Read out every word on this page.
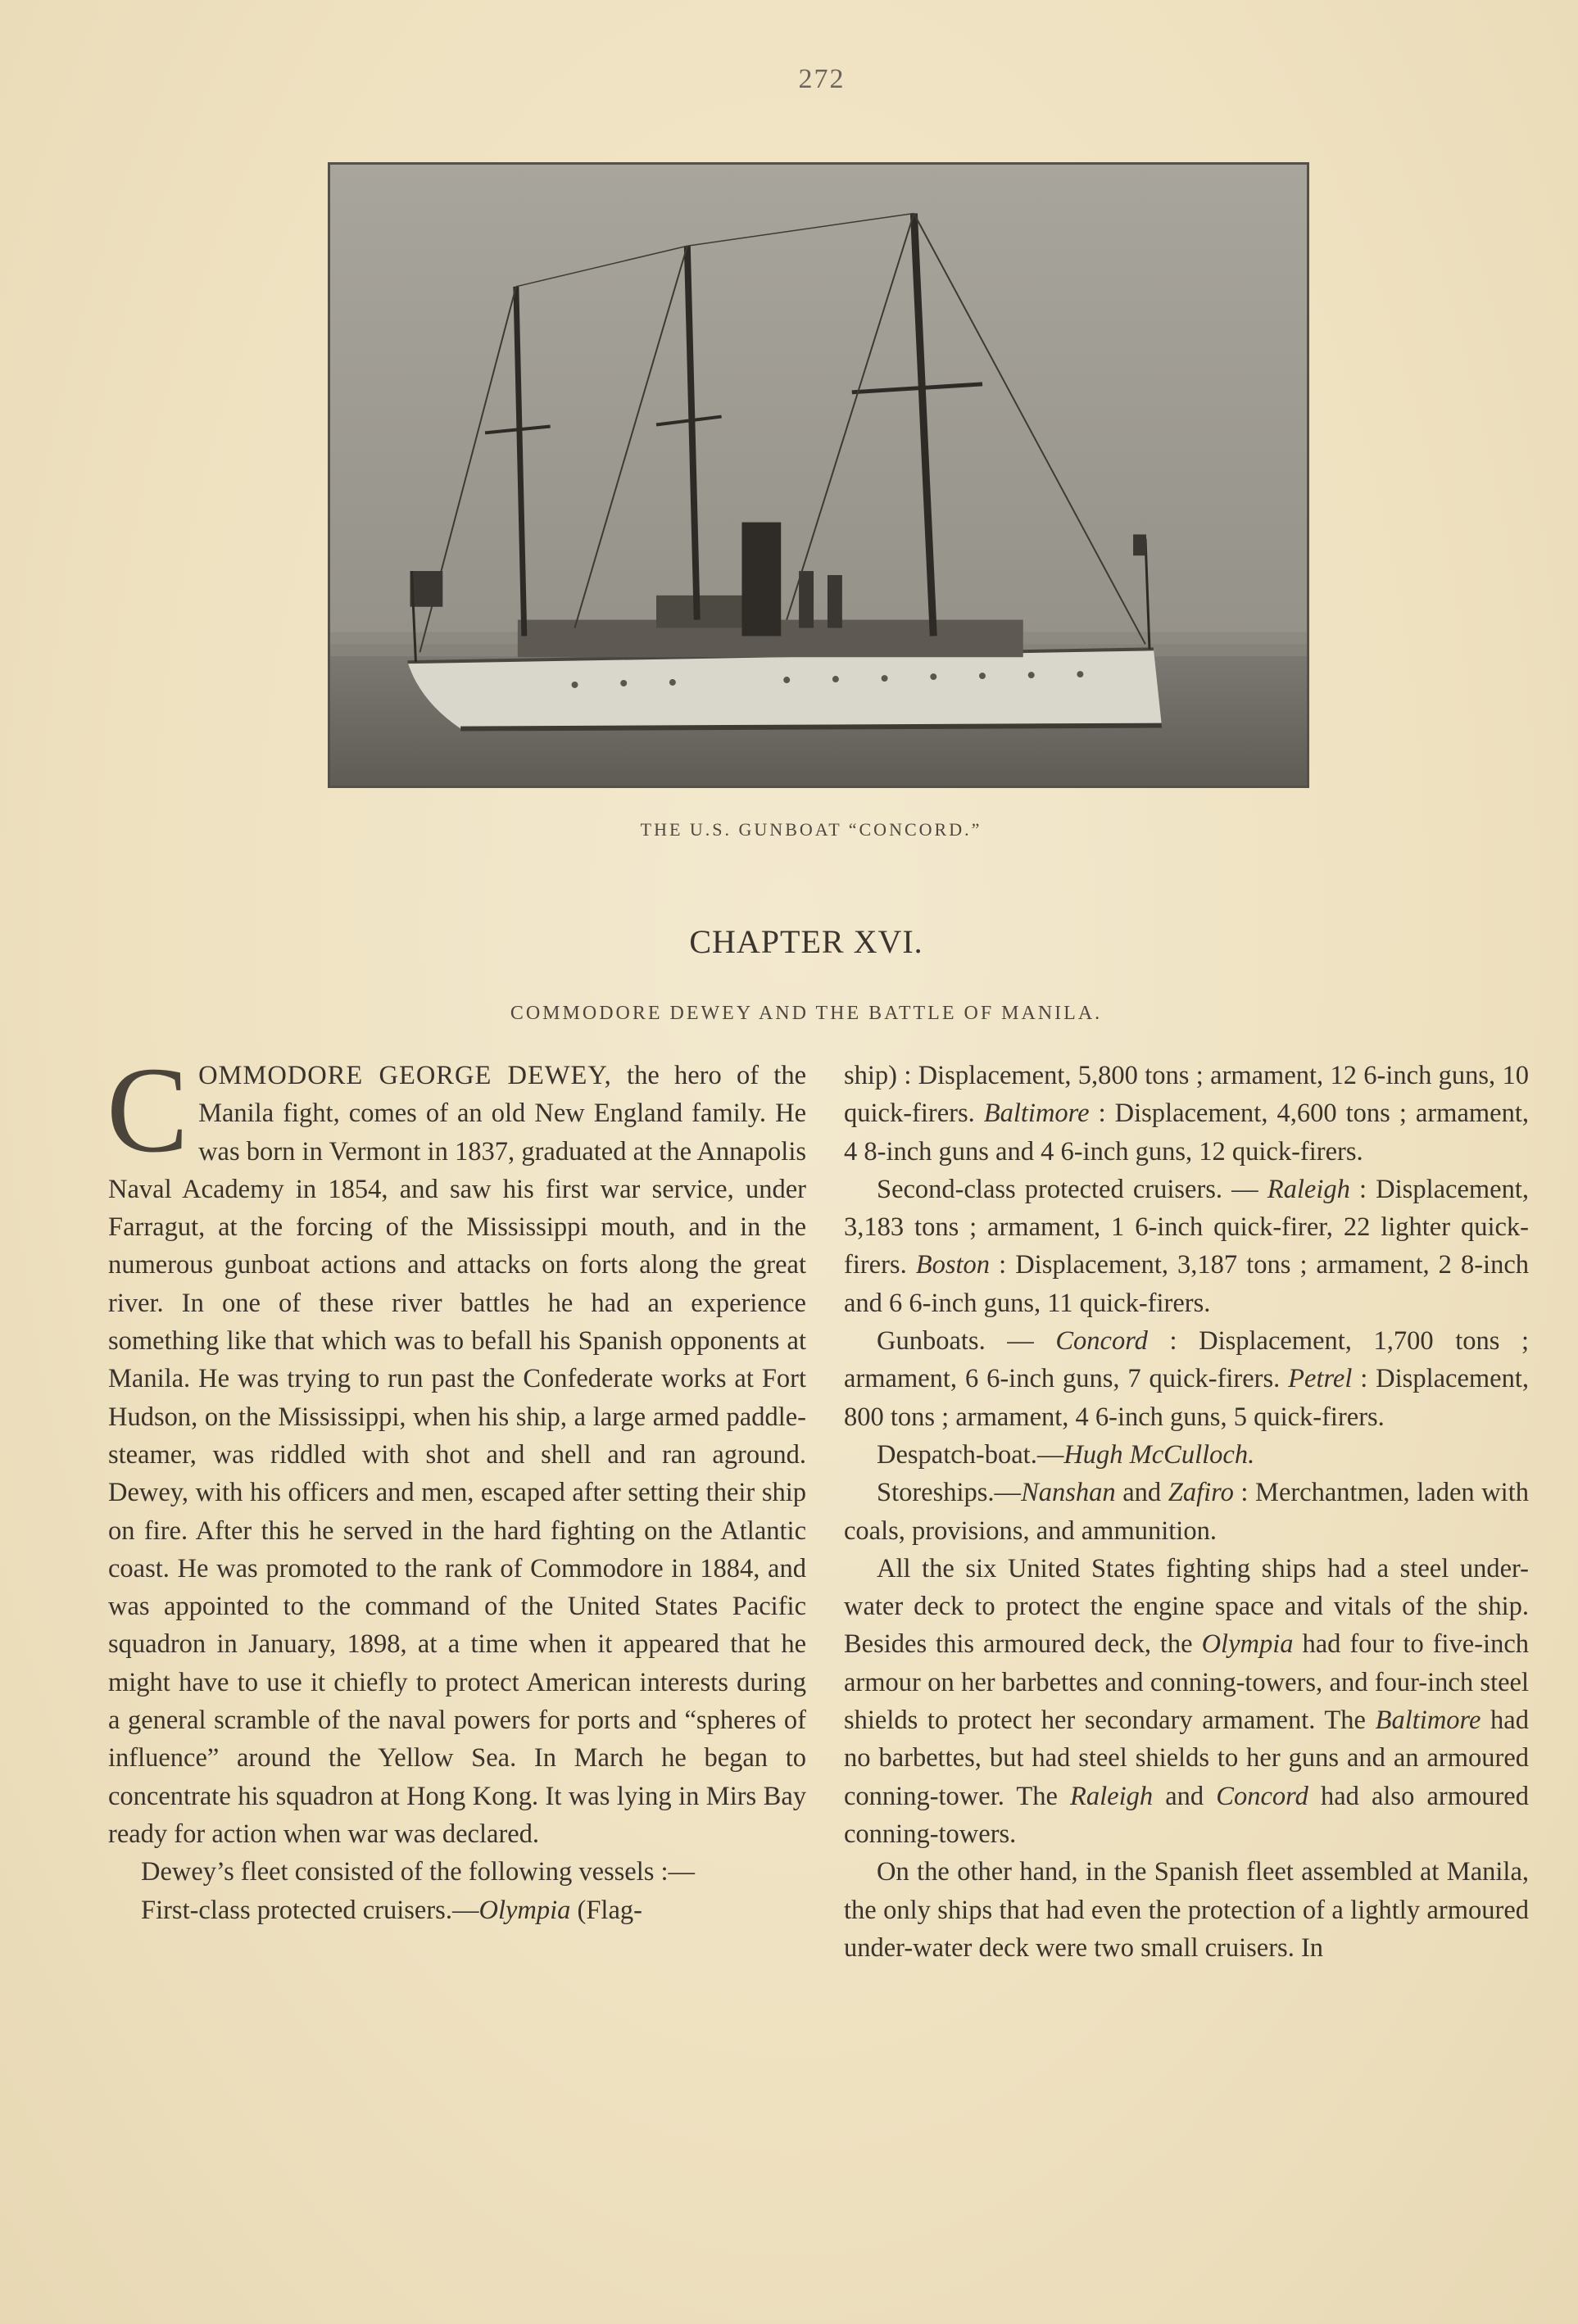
272
THE U.S. GUNBOAT “CONCORD.”
CHAPTER XVI.
COMMODORE DEWEY AND THE BATTLE OF MANILA.

COMMODORE GEORGE DEWEY, the hero of the Manila fight, comes of an old New England family. He was born in Vermont in 1837, graduated at the Annapolis Naval Academy in 1854, and saw his first war service, under Farragut, at the forcing of the Mississippi mouth, and in the numerous gunboat actions and attacks on forts along the great river. In one of these river battles he had an experience something like that which was to befall his Spanish opponents at Manila. He was trying to run past the Confederate works at Fort Hudson, on the Mississippi, when his ship, a large armed paddle-steamer, was riddled with shot and shell and ran aground. Dewey, with his officers and men, escaped after setting their ship on fire. After this he served in the hard fighting on the Atlantic coast. He was promoted to the rank of Commodore in 1884, and was appointed to the command of the United States Pacific squadron in January, 1898, at a time when it appeared that he might have to use it chiefly to protect American interests during a general scramble of the naval powers for ports and “spheres of influence” around the Yellow Sea. In March he began to concentrate his squadron at Hong Kong. It was lying in Mirs Bay ready for action when war was declared.

Dewey’s fleet consisted of the following vessels :—

First-class protected cruisers.—Olympia (Flag-

ship) : Displacement, 5,800 tons ; armament, 12 6-inch guns, 10 quick-firers. Baltimore : Displacement, 4,600 tons ; armament, 4 8-inch guns and 4 6-inch guns, 12 quick-firers.

Second-class protected cruisers. — Raleigh : Displacement, 3,183 tons ; armament, 1 6-inch quick-firer, 22 lighter quick-firers. Boston : Displacement, 3,187 tons ; armament, 2 8-inch and 6 6-inch guns, 11 quick-firers.

Gunboats. — Concord : Displacement, 1,700 tons ; armament, 6 6-inch guns, 7 quick-firers. Petrel : Displacement, 800 tons ; armament, 4 6-inch guns, 5 quick-firers.

Despatch-boat.—Hugh McCulloch.

Storeships.—Nanshan and Zafiro : Merchantmen, laden with coals, provisions, and ammunition.

All the six United States fighting ships had a steel under-water deck to protect the engine space and vitals of the ship. Besides this armoured deck, the Olympia had four to five-inch armour on her barbettes and conning-towers, and four-inch steel shields to protect her secondary armament. The Baltimore had no barbettes, but had steel shields to her guns and an armoured conning-tower. The Raleigh and Concord had also armoured conning-towers.

On the other hand, in the Spanish fleet assembled at Manila, the only ships that had even the protection of a lightly armoured under-water deck were two small cruisers. In
